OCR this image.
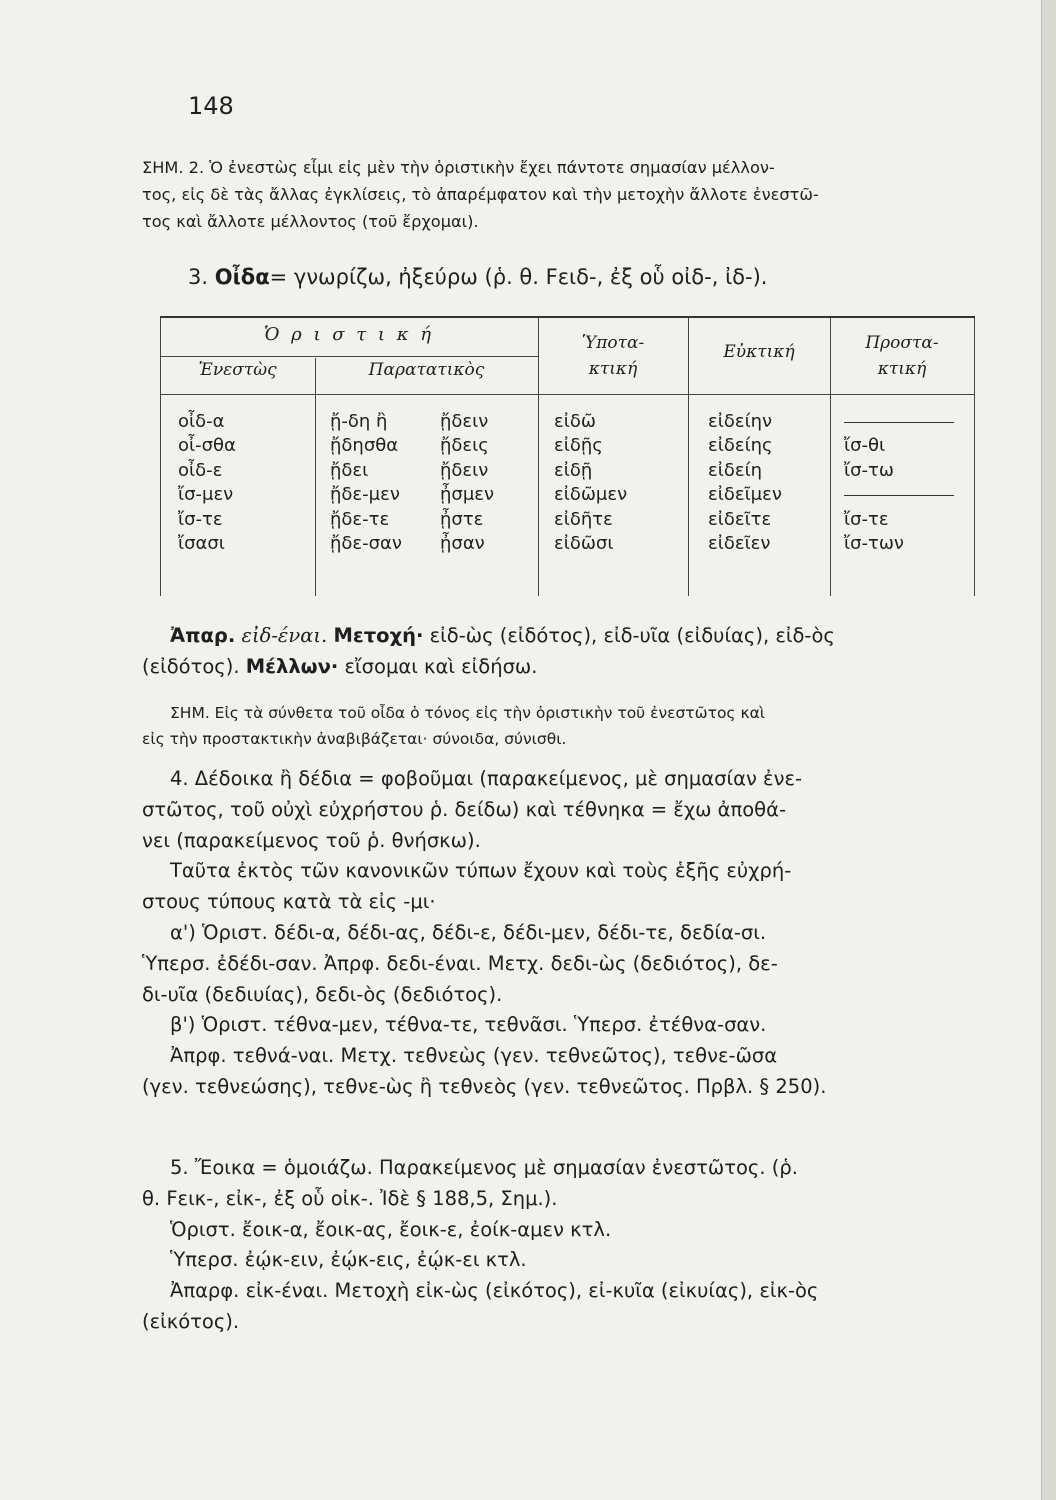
148

ΣΗΜ. 2. Ὁ ἐνεστὼς εἶμι εἰς μὲν τὴν ὁριστικὴν ἔχει πάντοτε σημασίαν μέλλον-

τος, εἰς δὲ τὰς ἄλλας ἐγκλίσεις, τὸ ἀπαρέμφατον καὶ τὴν μετοχὴν ἄλλοτε ἐνεστῶ-

τος καὶ ἄλλοτε μέλλοντος (τοῦ ἔρχομαι).

3. Οἶδα= γνωρίζω, ἠξεύρω (ῥ. θ. Ϝειδ-, ἐξ οὗ οἰδ-, ἰδ-).
Ὁ ρ ι σ τ ι κ ή
Ἐνεστὼς	Παρατατικὸς
Ὑποτα-
κτική
Εὐκτική	Προστα-
κτική
οἶδ-α
οἶ-σθα
οἶδ-ε
ἴσ-μεν
ἴσ-τε
ἴσασι
ᾔ-δη ἢ
ᾔδησθα
ᾔδει
ᾔδε-μεν
ᾔδε-τε
ᾔδε-σαν
ᾔδειν
ᾔδεις
ᾔδειν
ᾖσμεν
ᾖστε
ᾖσαν
εἰδῶ
εἰδῇς
εἰδῇ
εἰδῶμεν
εἰδῆτε
εἰδῶσι
εἰδείην
εἰδείης
εἰδείη
εἰδεῖμεν
εἰδεῖτε
εἰδεῖεν
ἴσ-θι
ἴσ-τω
ἴσ-τε
ἴσ-των

Ἀπαρ. εἰδ-έναι. Μετοχή· εἰδ-ὼς (εἰδότος), εἰδ-υῖα (εἰδυίας), εἰδ-ὸς

(εἰδότος). Μέλλων· εἴσομαι καὶ εἰδήσω.

ΣΗΜ. Εἰς τὰ σύνθετα τοῦ οἶδα ὁ τόνος εἰς τὴν ὁριστικὴν τοῦ ἐνεστῶτος καὶ

εἰς τὴν προστακτικὴν ἀναβιβάζεται· σύνοιδα, σύνισθι.

4. Δέδοικα ἢ δέδια = φοβοῦμαι (παρακείμενος, μὲ σημασίαν ἐνε-

στῶτος, τοῦ οὐχὶ εὐχρήστου ῥ. δείδω) καὶ τέθνηκα = ἔχω ἀποθά-

νει (παρακείμενος τοῦ ῥ. θνήσκω).

Ταῦτα ἐκτὸς τῶν κανονικῶν τύπων ἔχουν καὶ τοὺς ἑξῆς εὐχρή-

στους τύπους κατὰ τὰ εἰς -μι·

α') Ὁριστ. δέδι-α, δέδι-ας, δέδι-ε, δέδι-μεν, δέδι-τε, δεδία-σι.

Ὑπερσ. ἐδέδι-σαν. Ἀπρφ. δεδι-έναι. Μετχ. δεδι-ὼς (δεδιότος), δε-

δι-υῖα (δεδιυίας), δεδι-ὸς (δεδιότος).

β') Ὁριστ. τέθνα-μεν, τέθνα-τε, τεθνᾶσι. Ὑπερσ. ἐτέθνα-σαν.

Ἀπρφ. τεθνά-ναι. Μετχ. τεθνεὼς (γεν. τεθνεῶτος), τεθνε-ῶσα

(γεν. τεθνεώσης), τεθνε-ὼς ἢ τεθνεὸς (γεν. τεθνεῶτος. Πρβλ. § 250).

5. Ἔοικα = ὁμοιάζω. Παρακείμενος μὲ σημασίαν ἐνεστῶτος. (ῥ.

θ. Ϝεικ-, εἰκ-, ἐξ οὗ οἰκ-. Ἰδὲ § 188,5, Σημ.).

Ὁριστ. ἔοικ-α, ἔοικ-ας, ἔοικ-ε, ἐοίκ-αμεν κτλ.

Ὑπερσ. ἐῴκ-ειν, ἐῴκ-εις, ἐῴκ-ει κτλ.

Ἀπαρφ. εἰκ-έναι. Μετοχὴ εἰκ-ὼς (εἰκότος), εἰ-κυῖα (εἰκυίας), εἰκ-ὸς

(εἰκότος).
